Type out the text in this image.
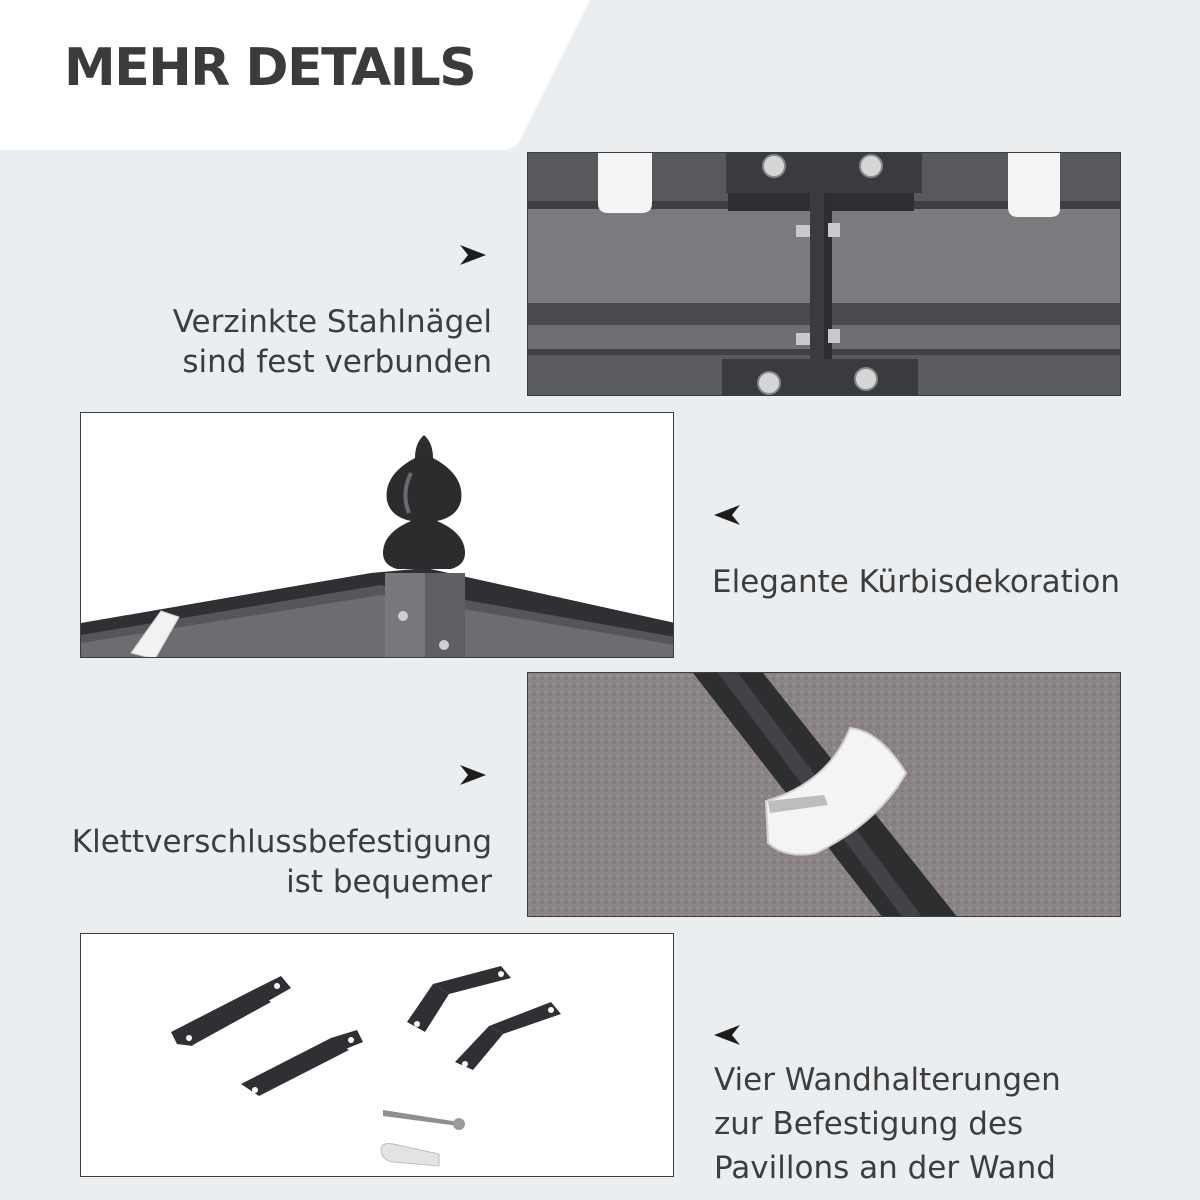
MEHR DETAILS
Verzinkte Stahlnägel
sind fest verbunden
Elegante Kürbisdekoration
Klettverschlussbefestigung
ist bequemer
Vier Wandhalterungen
zur Befestigung des
Pavillons an der Wand
